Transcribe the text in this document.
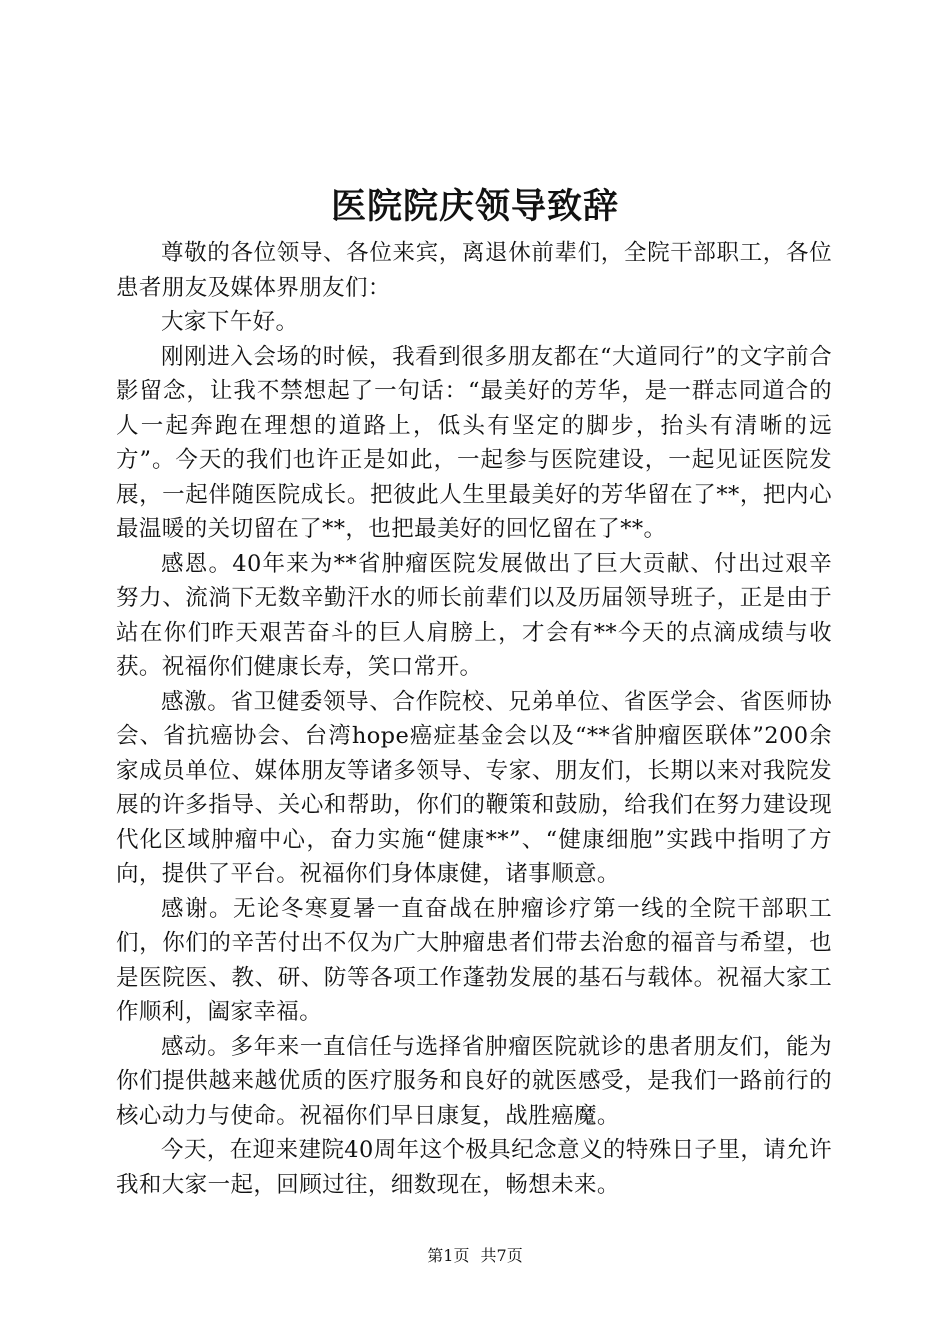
医院院庆领导致辞

尊敬的各位领导、各位来宾，离退休前辈们，全院干部职工，各位患者朋友及媒体界朋友们：

大家下午好。

刚刚进入会场的时候，我看到很多朋友都在“大道同行”的文字前合影留念，让我不禁想起了一句话：“最美好的芳华，是一群志同道合的人一起奔跑在理想的道路上，低头有坚定的脚步，抬头有清晰的远方”。今天的我们也许正是如此，一起参与医院建设，一起见证医院发展，一起伴随医院成长。把彼此人生里最美好的芳华留在了**，把内心最温暖的关切留在了**，也把最美好的回忆留在了**。

感恩。40年来为**省肿瘤医院发展做出了巨大贡献、付出过艰辛努力、流淌下无数辛勤汗水的师长前辈们以及历届领导班子，正是由于站在你们昨天艰苦奋斗的巨人肩膀上，才会有**今天的点滴成绩与收获。祝福你们健康长寿，笑口常开。

感激。省卫健委领导、合作院校、兄弟单位、省医学会、省医师协会、省抗癌协会、台湾hope癌症基金会以及“**省肿瘤医联体”200余家成员单位、媒体朋友等诸多领导、专家、朋友们，长期以来对我院发展的许多指导、关心和帮助，你们的鞭策和鼓励，给我们在努力建设现代化区域肿瘤中心，奋力实施“健康**”、“健康细胞”实践中指明了方向，提供了平台。祝福你们身体康健，诸事顺意。

感谢。无论冬寒夏暑一直奋战在肿瘤诊疗第一线的全院干部职工们，你们的辛苦付出不仅为广大肿瘤患者们带去治愈的福音与希望，也是医院医、教、研、防等各项工作蓬勃发展的基石与载体。祝福大家工作顺利，阖家幸福。

感动。多年来一直信任与选择省肿瘤医院就诊的患者朋友们，能为你们提供越来越优质的医疗服务和良好的就医感受，是我们一路前行的核心动力与使命。祝福你们早日康复，战胜癌魔。

今天，在迎来建院40周年这个极具纪念意义的特殊日子里，请允许我和大家一起，回顾过往，细数现在，畅想未来。

第1页 共7页
